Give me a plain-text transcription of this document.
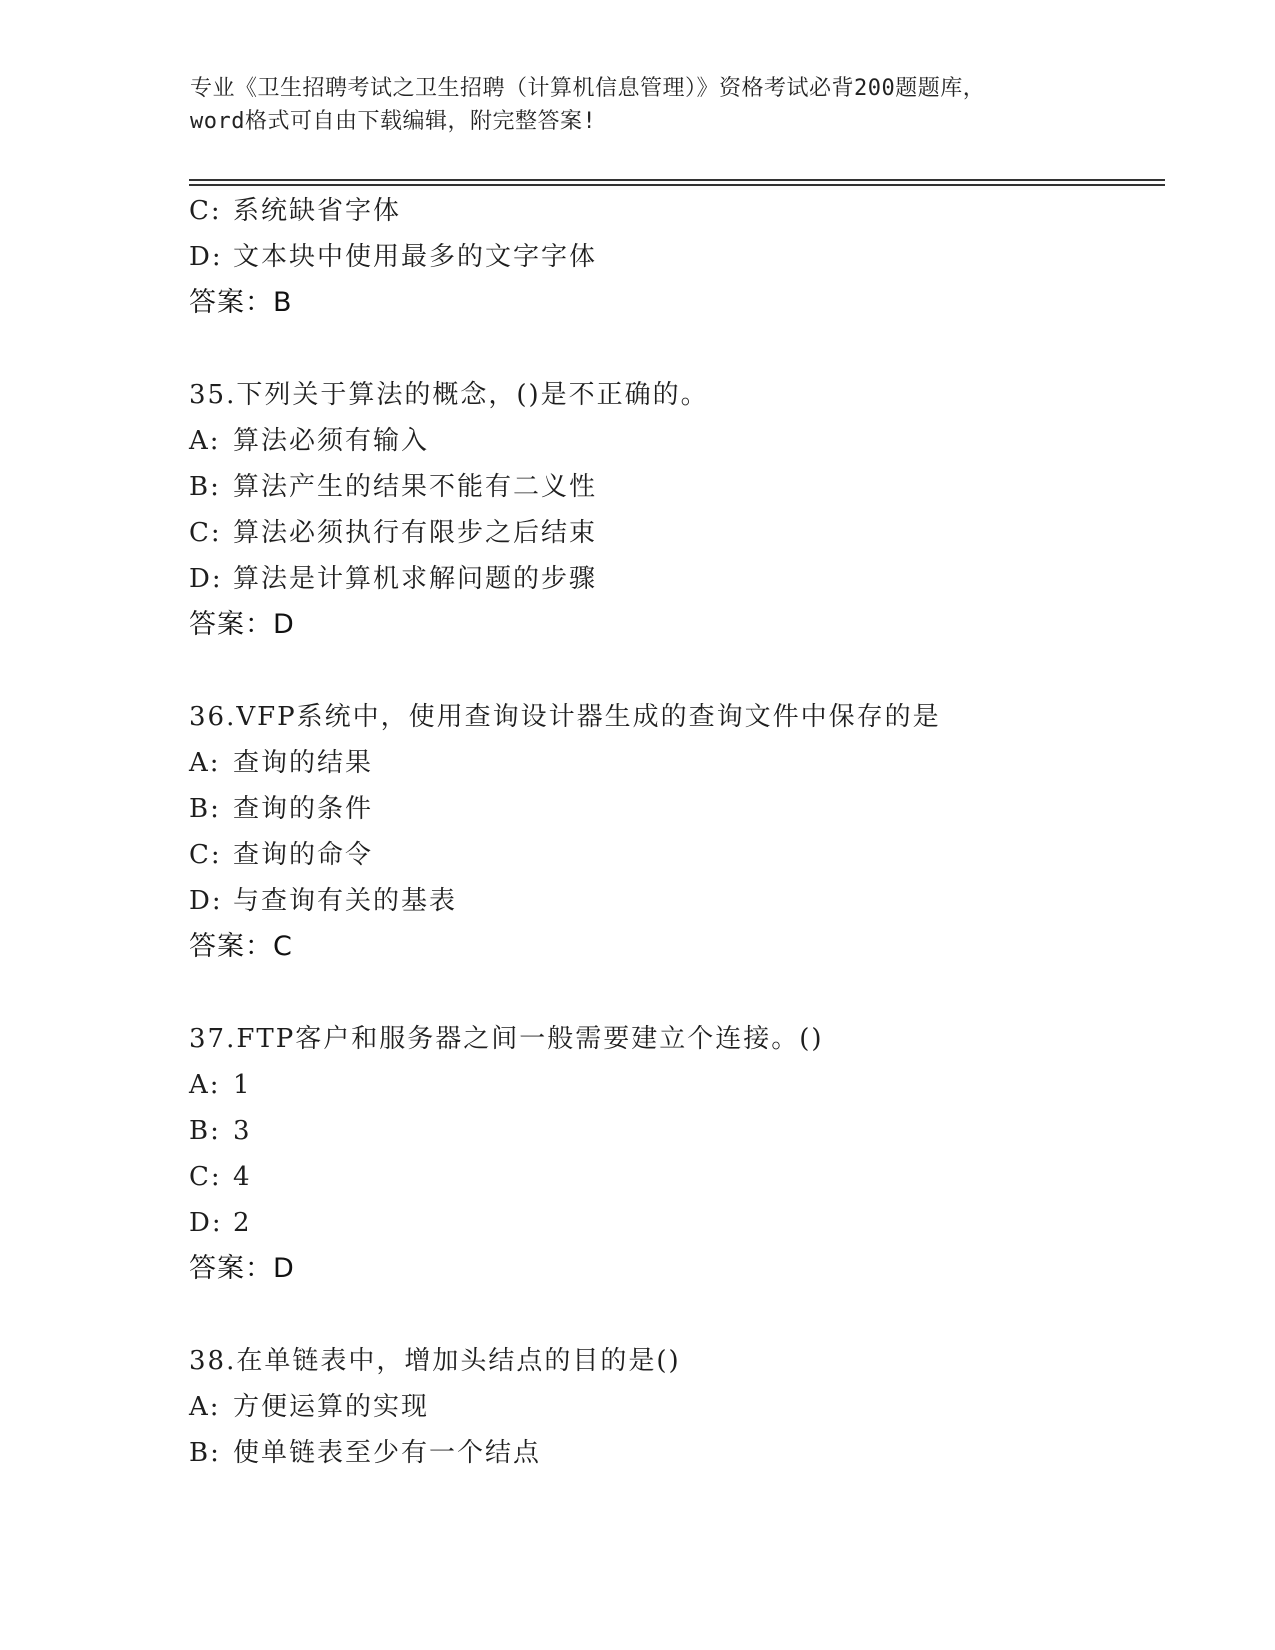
专业《卫生招聘考试之卫生招聘（计算机信息管理）》资格考试必背200题题库，
word格式可自由下载编辑，附完整答案!
C: 系统缺省字体
D: 文本块中使用最多的文字字体
答案：B
35.下列关于算法的概念，()是不正确的。
A: 算法必须有输入
B: 算法产生的结果不能有二义性
C: 算法必须执行有限步之后结束
D: 算法是计算机求解问题的步骤
答案：D
36.VFP系统中，使用查询设计器生成的查询文件中保存的是
A: 查询的结果
B: 查询的条件
C: 查询的命令
D: 与查询有关的基表
答案：C
37.FTP客户和服务器之间一般需要建立个连接。()
A: 1
B: 3
C: 4
D: 2
答案：D
38.在单链表中，增加头结点的目的是()
A: 方便运算的实现
B: 使单链表至少有一个结点
